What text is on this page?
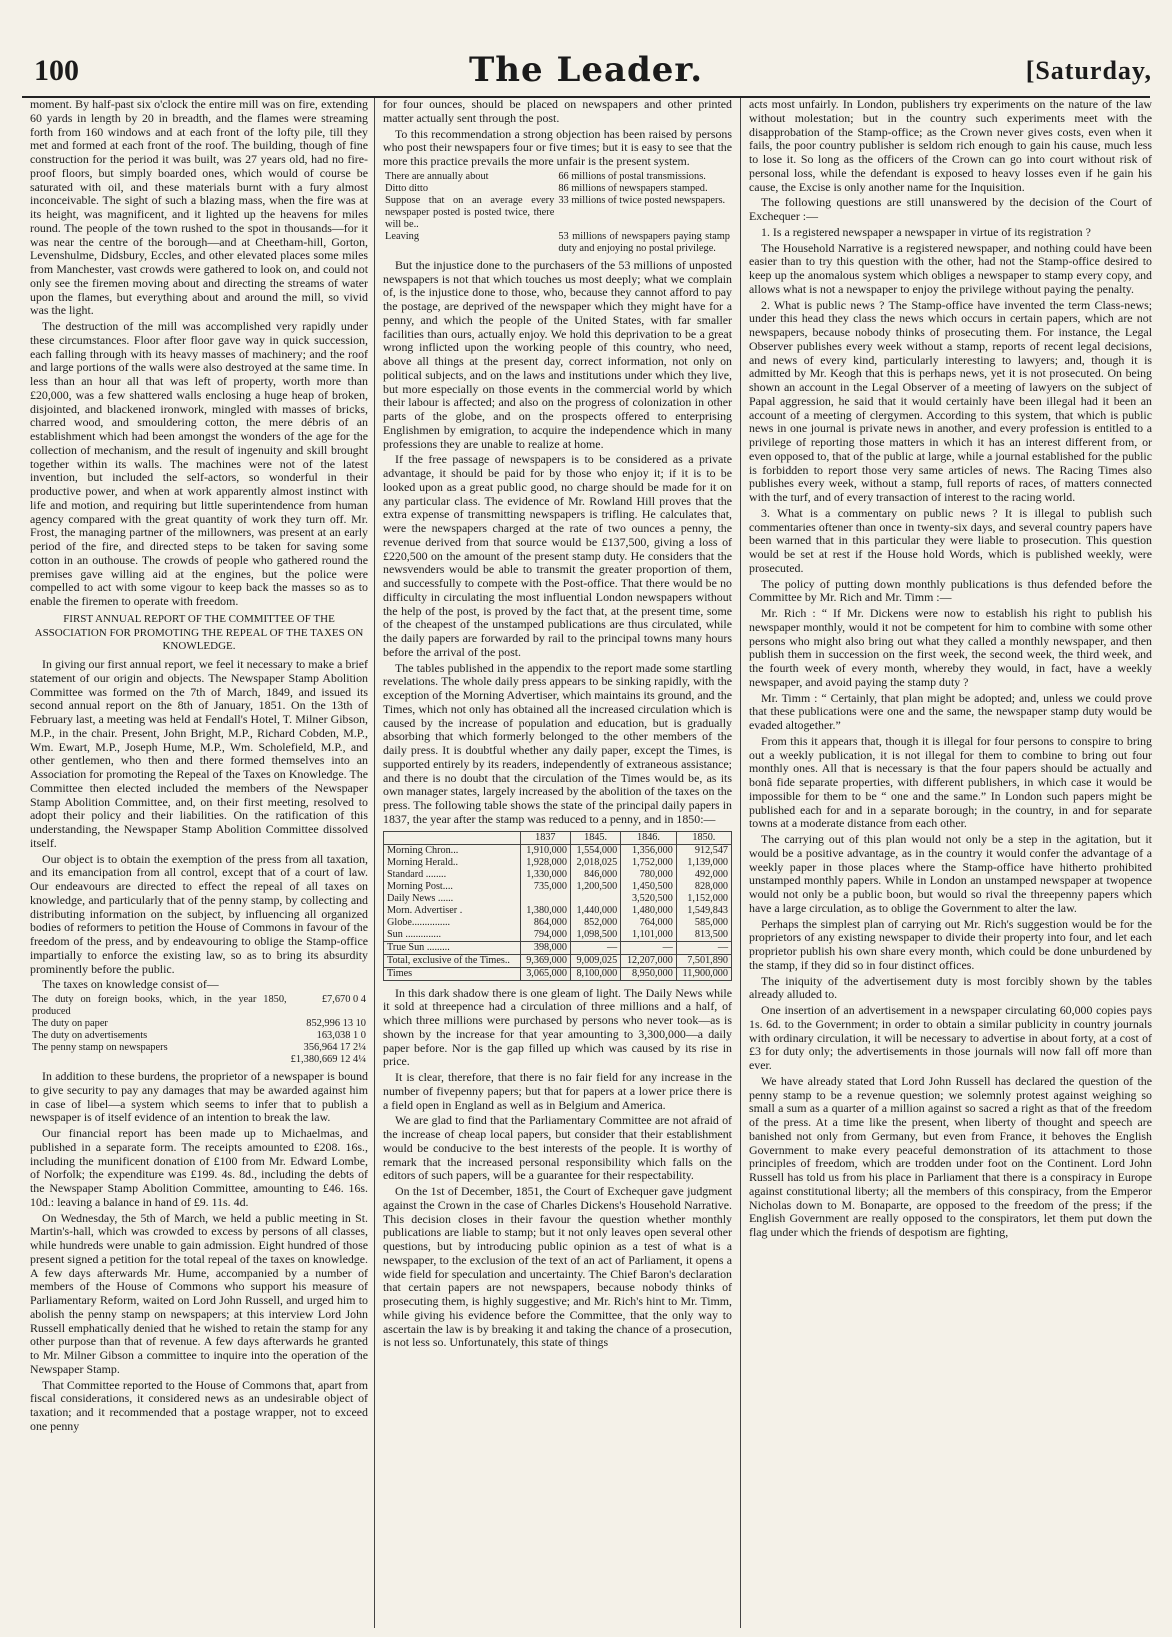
100	The Leader.	[Saturday,

moment. By half-past six o'clock the entire mill was on fire, extending 60 yards in length by 20 in breadth, and the flames were streaming forth from 160 windows and at each front of the lofty pile, till they met and formed at each front of the roof. The building, though of fine construction for the period it was built, was 27 years old, had no fire-proof floors, but simply boarded ones, which would of course be saturated with oil, and these materials burnt with a fury almost inconceivable. The sight of such a blazing mass, when the fire was at its height, was magnificent, and it lighted up the heavens for miles round. The people of the town rushed to the spot in thousands—for it was near the centre of the borough—and at Cheetham-hill, Gorton, Levenshulme, Didsbury, Eccles, and other elevated places some miles from Manchester, vast crowds were gathered to look on, and could not only see the firemen moving about and directing the streams of water upon the flames, but everything about and around the mill, so vivid was the light.

The destruction of the mill was accomplished very rapidly under these circumstances. Floor after floor gave way in quick succession, each falling through with its heavy masses of machinery; and the roof and large portions of the walls were also destroyed at the same time. In less than an hour all that was left of property, worth more than £20,000, was a few shattered walls enclosing a huge heap of broken, disjointed, and blackened ironwork, mingled with masses of bricks, charred wood, and smouldering cotton, the mere débris of an establishment which had been amongst the wonders of the age for the collection of mechanism, and the result of ingenuity and skill brought together within its walls. The machines were not of the latest invention, but included the self-actors, so wonderful in their productive power, and when at work apparently almost instinct with life and motion, and requiring but little superintendence from human agency compared with the great quantity of work they turn off. Mr. Frost, the managing partner of the millowners, was present at an early period of the fire, and directed steps to be taken for saving some cotton in an outhouse. The crowds of people who gathered round the premises gave willing aid at the engines, but the police were compelled to act with some vigour to keep back the masses so as to enable the firemen to operate with freedom.

FIRST ANNUAL REPORT OF THE COMMITTEE OF THE ASSOCIATION FOR PROMOTING THE REPEAL OF THE TAXES ON KNOWLEDGE.

In giving our first annual report, we feel it necessary to make a brief statement of our origin and objects. The Newspaper Stamp Abolition Committee was formed on the 7th of March, 1849, and issued its second annual report on the 8th of January, 1851. On the 13th of February last, a meeting was held at Fendall's Hotel, T. Milner Gibson, M.P., in the chair. Present, John Bright, M.P., Richard Cobden, M.P., Wm. Ewart, M.P., Joseph Hume, M.P., Wm. Scholefield, M.P., and other gentlemen, who then and there formed themselves into an Association for promoting the Repeal of the Taxes on Knowledge. The Committee then elected included the members of the Newspaper Stamp Abolition Committee, and, on their first meeting, resolved to adopt their policy and their liabilities. On the ratification of this understanding, the Newspaper Stamp Abolition Committee dissolved itself.

Our object is to obtain the exemption of the press from all taxation, and its emancipation from all control, except that of a court of law. Our endeavours are directed to effect the repeal of all taxes on knowledge, and particularly that of the penny stamp, by collecting and distributing information on the subject, by influencing all organized bodies of reformers to petition the House of Commons in favour of the freedom of the press, and by endeavouring to oblige the Stamp-office impartially to enforce the existing law, so as to bring its absurdity prominently before the public.

The taxes on knowledge consist of—

The duty on foreign books, which, in the year 1850, produced	£7,670 0 4
The duty on paper	852,996 13 10
The duty on advertisements	163,038 1 0
The penny stamp on newspapers	356,964 17 2¼
	£1,380,669 12 4¼

In addition to these burdens, the proprietor of a newspaper is bound to give security to pay any damages that may be awarded against him in case of libel—a system which seems to infer that to publish a newspaper is of itself evidence of an intention to break the law.

Our financial report has been made up to Michaelmas, and published in a separate form. The receipts amounted to £208. 16s., including the munificent donation of £100 from Mr. Edward Lombe, of Norfolk; the expenditure was £199. 4s. 8d., including the debts of the Newspaper Stamp Abolition Committee, amounting to £46. 16s. 10d.: leaving a balance in hand of £9. 11s. 4d.

On Wednesday, the 5th of March, we held a public meeting in St. Martin's-hall, which was crowded to excess by persons of all classes, while hundreds were unable to gain admission. Eight hundred of those present signed a petition for the total repeal of the taxes on knowledge. A few days afterwards Mr. Hume, accompanied by a number of members of the House of Commons who support his measure of Parliamentary Reform, waited on Lord John Russell, and urged him to abolish the penny stamp on newspapers; at this interview Lord John Russell emphatically denied that he wished to retain the stamp for any other purpose than that of revenue. A few days afterwards he granted to Mr. Milner Gibson a committee to inquire into the operation of the Newspaper Stamp.

That Committee reported to the House of Commons that, apart from fiscal considerations, it considered news as an undesirable object of taxation; and it recommended that a postage wrapper, not to exceed one penny

for four ounces, should be placed on newspapers and other printed matter actually sent through the post.

To this recommendation a strong objection has been raised by persons who post their newspapers four or five times; but it is easy to see that the more this practice prevails the more unfair is the present system.

There are annually about	66 millions of postal transmissions.
Ditto ditto	86 millions of newspapers stamped.
Suppose that on an average every newspaper posted is posted twice, there will be..	33 millions of twice posted newspapers.
Leaving	53 millions of newspapers paying stamp duty and enjoying no postal privilege.

But the injustice done to the purchasers of the 53 millions of unposted newspapers is not that which touches us most deeply; what we complain of, is the injustice done to those, who, because they cannot afford to pay the postage, are deprived of the newspaper which they might have for a penny, and which the people of the United States, with far smaller facilities than ours, actually enjoy. We hold this deprivation to be a great wrong inflicted upon the working people of this country, who need, above all things at the present day, correct information, not only on political subjects, and on the laws and institutions under which they live, but more especially on those events in the commercial world by which their labour is affected; and also on the progress of colonization in other parts of the globe, and on the prospects offered to enterprising Englishmen by emigration, to acquire the independence which in many professions they are unable to realize at home.

If the free passage of newspapers is to be considered as a private advantage, it should be paid for by those who enjoy it; if it is to be looked upon as a great public good, no charge should be made for it on any particular class. The evidence of Mr. Rowland Hill proves that the extra expense of transmitting newspapers is trifling. He calculates that, were the newspapers charged at the rate of two ounces a penny, the revenue derived from that source would be £137,500, giving a loss of £220,500 on the amount of the present stamp duty. He considers that the newsvenders would be able to transmit the greater proportion of them, and successfully to compete with the Post-office. That there would be no difficulty in circulating the most influential London newspapers without the help of the post, is proved by the fact that, at the present time, some of the cheapest of the unstamped publications are thus circulated, while the daily papers are forwarded by rail to the principal towns many hours before the arrival of the post.

The tables published in the appendix to the report made some startling revelations. The whole daily press appears to be sinking rapidly, with the exception of the Morning Advertiser, which maintains its ground, and the Times, which not only has obtained all the increased circulation which is caused by the increase of population and education, but is gradually absorbing that which formerly belonged to the other members of the daily press. It is doubtful whether any daily paper, except the Times, is supported entirely by its readers, independently of extraneous assistance; and there is no doubt that the circulation of the Times would be, as its own manager states, largely increased by the abolition of the taxes on the press. The following table shows the state of the principal daily papers in 1837, the year after the stamp was reduced to a penny, and in 1850:—

	1837	1845.	1846.	1850.
Morning Chron...	1,910,000	1,554,000	1,356,000	912,547
Morning Herald..	1,928,000	2,018,025	1,752,000	1,139,000
Standard ........	1,330,000	846,000	780,000	492,000
Morning Post....	735,000	1,200,500	1,450,500	828,000
Daily News ......			3,520,500	1,152,000
Morn. Advertiser .	1,380,000	1,440,000	1,480,000	1,549,843
Globe...............	864,000	852,000	764,000	585,000
Sun ..............	794,000	1,098,500	1,101,000	813,500
True Sun .........	398,000	—	—	—
Total, exclusive of the Times..	9,369,000	9,009,025	12,207,000	7,501,890
Times	3,065,000	8,100,000	8,950,000	11,900,000

In this dark shadow there is one gleam of light. The Daily News while it sold at threepence had a circulation of three millions and a half, of which three millions were purchased by persons who never took—as is shown by the increase for that year amounting to 3,300,000—a daily paper before. Nor is the gap filled up which was caused by its rise in price.

It is clear, therefore, that there is no fair field for any increase in the number of fivepenny papers; but that for papers at a lower price there is a field open in England as well as in Belgium and America.

We are glad to find that the Parliamentary Committee are not afraid of the increase of cheap local papers, but consider that their establishment would be conducive to the best interests of the people. It is worthy of remark that the increased personal responsibility which falls on the editors of such papers, will be a guarantee for their respectability.

On the 1st of December, 1851, the Court of Exchequer gave judgment against the Crown in the case of Charles Dickens's Household Narrative. This decision closes in their favour the question whether monthly publications are liable to stamp; but it not only leaves open several other questions, but by introducing public opinion as a test of what is a newspaper, to the exclusion of the text of an act of Parliament, it opens a wide field for speculation and uncertainty. The Chief Baron's declaration that certain papers are not newspapers, because nobody thinks of prosecuting them, is highly suggestive; and Mr. Rich's hint to Mr. Timm, while giving his evidence before the Committee, that the only way to ascertain the law is by breaking it and taking the chance of a prosecution, is not less so. Unfortunately, this state of things

acts most unfairly. In London, publishers try experiments on the nature of the law without molestation; but in the country such experiments meet with the disapprobation of the Stamp-office; as the Crown never gives costs, even when it fails, the poor country publisher is seldom rich enough to gain his cause, much less to lose it. So long as the officers of the Crown can go into court without risk of personal loss, while the defendant is exposed to heavy losses even if he gain his cause, the Excise is only another name for the Inquisition.

The following questions are still unanswered by the decision of the Court of Exchequer :—

1. Is a registered newspaper a newspaper in virtue of its registration ?

The Household Narrative is a registered newspaper, and nothing could have been easier than to try this question with the other, had not the Stamp-office desired to keep up the anomalous system which obliges a newspaper to stamp every copy, and allows what is not a newspaper to enjoy the privilege without paying the penalty.

2. What is public news ? The Stamp-office have invented the term Class-news; under this head they class the news which occurs in certain papers, which are not newspapers, because nobody thinks of prosecuting them. For instance, the Legal Observer publishes every week without a stamp, reports of recent legal decisions, and news of every kind, particularly interesting to lawyers; and, though it is admitted by Mr. Keogh that this is perhaps news, yet it is not prosecuted. On being shown an account in the Legal Observer of a meeting of lawyers on the subject of Papal aggression, he said that it would certainly have been illegal had it been an account of a meeting of clergymen. According to this system, that which is public news in one journal is private news in another, and every profession is entitled to a privilege of reporting those matters in which it has an interest different from, or even opposed to, that of the public at large, while a journal established for the public is forbidden to report those very same articles of news. The Racing Times also publishes every week, without a stamp, full reports of races, of matters connected with the turf, and of every transaction of interest to the racing world.

3. What is a commentary on public news ? It is illegal to publish such commentaries oftener than once in twenty-six days, and several country papers have been warned that in this particular they were liable to prosecution. This question would be set at rest if the House hold Words, which is published weekly, were prosecuted.

The policy of putting down monthly publications is thus defended before the Committee by Mr. Rich and Mr. Timm :—

Mr. Rich : “ If Mr. Dickens were now to establish his right to publish his newspaper monthly, would it not be competent for him to combine with some other persons who might also bring out what they called a monthly newspaper, and then publish them in succession on the first week, the second week, the third week, and the fourth week of every month, whereby they would, in fact, have a weekly newspaper, and avoid paying the stamp duty ?

Mr. Timm : “ Certainly, that plan might be adopted; and, unless we could prove that these publications were one and the same, the newspaper stamp duty would be evaded altogether.”

From this it appears that, though it is illegal for four persons to conspire to bring out a weekly publication, it is not illegal for them to combine to bring out four monthly ones. All that is necessary is that the four papers should be actually and bonâ fide separate properties, with different publishers, in which case it would be impossible for them to be “ one and the same.” In London such papers might be published each for and in a separate borough; in the country, in and for separate towns at a moderate distance from each other.

The carrying out of this plan would not only be a step in the agitation, but it would be a positive advantage, as in the country it would confer the advantage of a weekly paper in those places where the Stamp-office have hitherto prohibited unstamped monthly papers. While in London an unstamped newspaper at twopence would not only be a public boon, but would so rival the threepenny papers which have a large circulation, as to oblige the Government to alter the law.

Perhaps the simplest plan of carrying out Mr. Rich's suggestion would be for the proprietors of any existing newspaper to divide their property into four, and let each proprietor publish his own share every month, which could be done unburdened by the stamp, if they did so in four distinct offices.

The iniquity of the advertisement duty is most forcibly shown by the tables already alluded to.

One insertion of an advertisement in a newspaper circulating 60,000 copies pays 1s. 6d. to the Government; in order to obtain a similar publicity in country journals with ordinary circulation, it will be necessary to advertise in about forty, at a cost of £3 for duty only; the advertisements in those journals will now fall off more than ever.

We have already stated that Lord John Russell has declared the question of the penny stamp to be a revenue question; we solemnly protest against weighing so small a sum as a quarter of a million against so sacred a right as that of the freedom of the press. At a time like the present, when liberty of thought and speech are banished not only from Germany, but even from France, it behoves the English Government to make every peaceful demonstration of its attachment to those principles of freedom, which are trodden under foot on the Continent. Lord John Russell has told us from his place in Parliament that there is a conspiracy in Europe against constitutional liberty; all the members of this conspiracy, from the Emperor Nicholas down to M. Bonaparte, are opposed to the freedom of the press; if the English Government are really opposed to the conspirators, let them put down the flag under which the friends of despotism are fighting,
